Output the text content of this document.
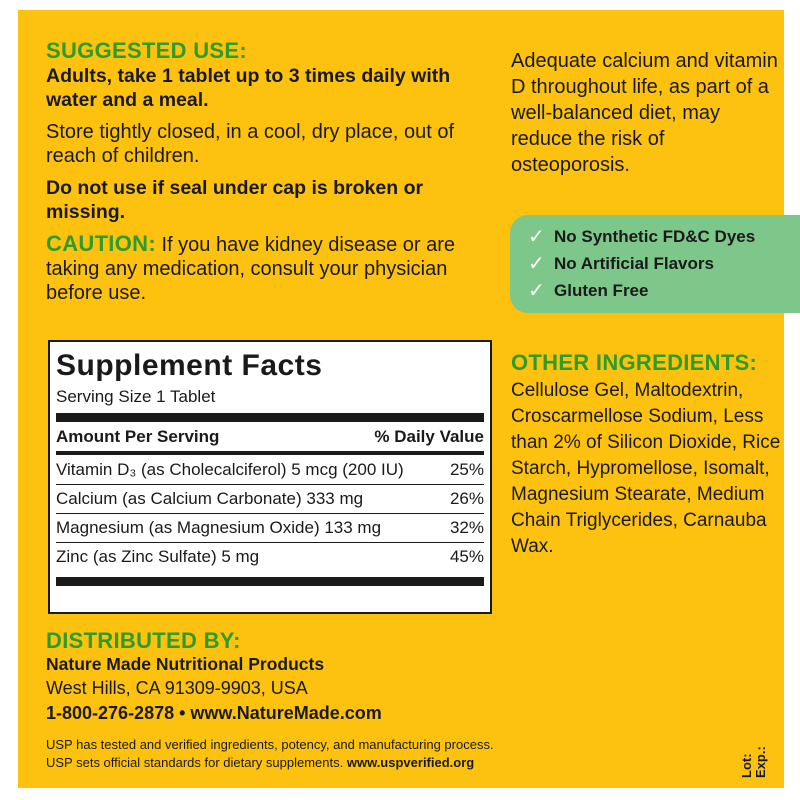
SUGGESTED USE:
Adults, take 1 tablet up to 3 times daily with water and a meal.
Store tightly closed, in a cool, dry place, out of reach of children.
Do not use if seal under cap is broken or missing.
CAUTION: If you have kidney disease or are taking any medication, consult your physician before use.
Supplement Facts
Serving Size 1 Tablet
Amount Per Serving	% Daily Value
Vitamin D₃ (as Cholecalciferol) 5 mcg (200 IU)	25%
Calcium (as Calcium Carbonate) 333 mg	26%
Magnesium (as Magnesium Oxide) 133 mg	32%
Zinc (as Zinc Sulfate) 5 mg	45%
DISTRIBUTED BY:
Nature Made Nutritional Products
West Hills, CA 91309-9903, USA
1-800-276-2878 • www.NatureMade.com
USP has tested and verified ingredients, potency, and manufacturing process.
USP sets official standards for dietary supplements. www.uspverified.org
Adequate calcium and vitamin D throughout life, as part of a well-balanced diet, may reduce the risk of osteoporosis.
✓ No Synthetic FD&C Dyes
✓ No Artificial Flavors
✓ Gluten Free
OTHER INGREDIENTS:
Cellulose Gel, Maltodextrin, Croscarmellose Sodium, Less than 2% of Silicon Dioxide, Rice Starch, Hypromellose, Isomalt, Magnesium Stearate, Medium Chain Triglycerides, Carnauba Wax.
Lot: Exp.:
